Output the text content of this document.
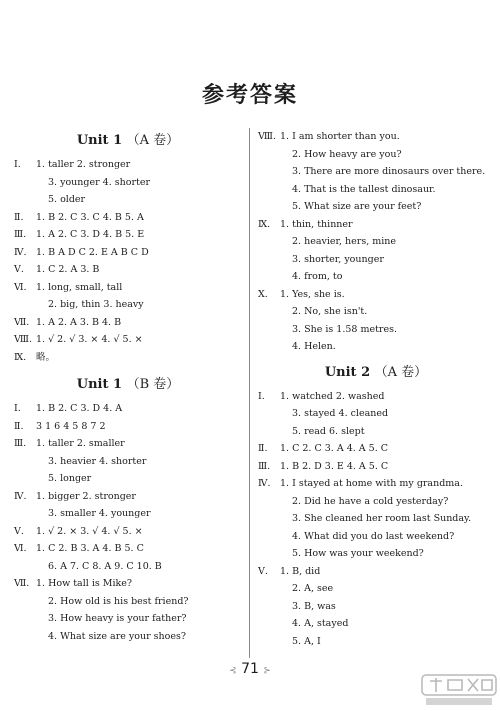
参考答案
Unit 1 （A 卷）
Ⅰ.	1. taller 2. stronger
3. younger 4. shorter
5. older
Ⅱ.	1. B 2. C 3. C 4. B 5. A
Ⅲ.	1. A 2. C 3. D 4. B 5. E
Ⅳ. 1. B A D C 2. E A B C D
Ⅴ.	1. C 2. A 3. B
Ⅵ. 1. long, small, tall
2. big, thin 3. heavy
Ⅶ. 1. A 2. A 3. B 4. B
Ⅷ. 1. √ 2. √ 3. × 4. √ 5. ×
Ⅸ.	略。
Unit 1 （B 卷）
Ⅰ.	1. B 2. C 3. D 4. A
Ⅱ.	3 1 6 4 5 8 7 2
Ⅲ.	1. taller 2. smaller
3. heavier 4. shorter
5. longer
Ⅳ. 1. bigger 2. stronger
3. smaller 4. younger
Ⅴ.	1. √ 2. × 3. √ 4. √ 5. ×
Ⅵ. 1. C 2. B 3. A 4. B 5. C
6. A 7. C 8. A 9. C 10. B
Ⅶ. 1. How tall is Mike?
2. How old is his best friend?
3. How heavy is your father?
4. What size are your shoes?
Ⅷ. 1. I am shorter than you.
2. How heavy are you?
3. There are more dinosaurs over there.
4. That is the tallest dinosaur.
5. What size are your feet?
Ⅸ.	1. thin, thinner
2. heavier, hers, mine
3. shorter, younger
4. from, to
Ⅹ.	1. Yes, she is.
2. No, she isn't.
3. She is 1.58 metres.
4. Helen.
Unit 2 （A 卷）
Ⅰ.	1. watched 2. washed
3. stayed 4. cleaned
5. read 6. slept
Ⅱ.	1. C 2. C 3. A 4. A 5. C
Ⅲ.	1. B 2. D 3. E 4. A 5. C
Ⅳ. 1. I stayed at home with my grandma.
2. Did he have a cold yesterday?
3. She cleaned her room last Sunday.
4. What did you do last weekend?
5. How was your weekend?
Ⅴ.	1. B, did
2. A, see
3. B, was
4. A, stayed
5. A, I
⊰ 71 ⊱
